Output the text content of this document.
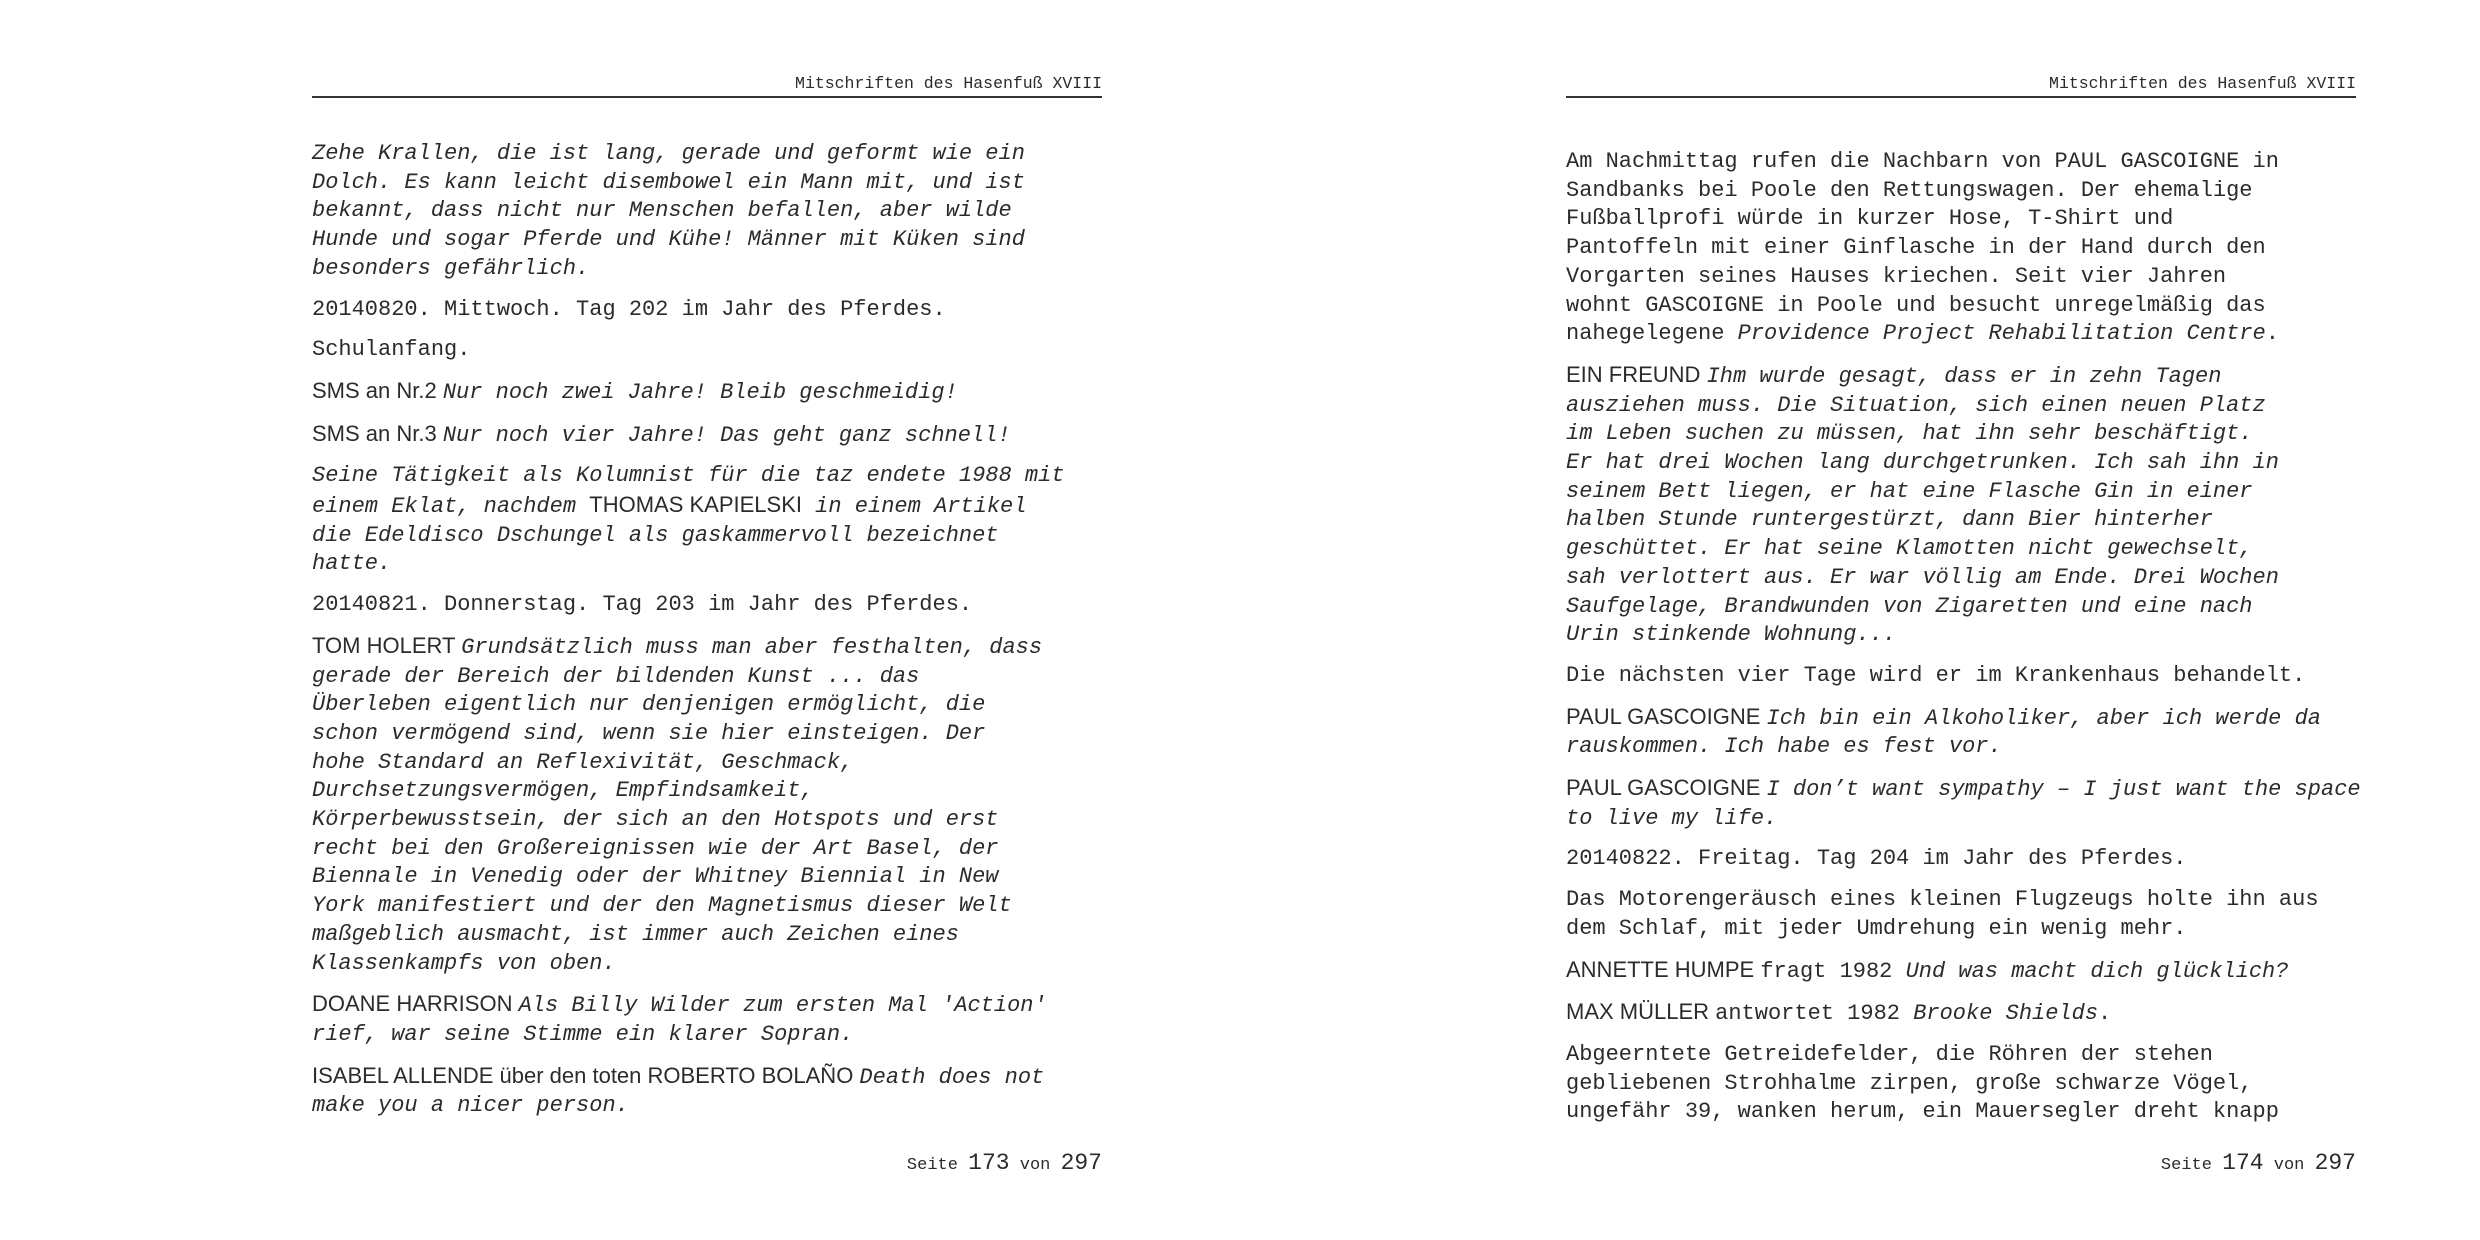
Mitschriften des Hasenfuß XVIII

Zehe Krallen, die ist lang, gerade und geformt wie ein
Dolch. Es kann leicht disembowel ein Mann mit, und ist
bekannt, dass nicht nur Menschen befallen, aber wilde
Hunde und sogar Pferde und Kühe! Männer mit Küken sind
besonders gefährlich.

20140820. Mittwoch. Tag 202 im Jahr des Pferdes.

Schulanfang.

SMS an Nr.2 Nur noch zwei Jahre! Bleib geschmeidig!

SMS an Nr.3 Nur noch vier Jahre! Das geht ganz schnell!

Seine Tätigkeit als Kolumnist für die taz endete 1988 mit
einem Eklat, nachdem THOMAS KAPIELSKI in einem Artikel
die Edeldisco Dschungel als gaskammervoll bezeichnet
hatte.

20140821. Donnerstag. Tag 203 im Jahr des Pferdes.

TOM HOLERT Grundsätzlich muss man aber festhalten, dass
gerade der Bereich der bildenden Kunst ... das
Überleben eigentlich nur denjenigen ermöglicht, die
schon vermögend sind, wenn sie hier einsteigen. Der
hohe Standard an Reflexivität, Geschmack,
Durchsetzungsvermögen, Empfindsamkeit,
Körperbewusstsein, der sich an den Hotspots und erst
recht bei den Großereignissen wie der Art Basel, der
Biennale in Venedig oder der Whitney Biennial in New
York manifestiert und der den Magnetismus dieser Welt
maßgeblich ausmacht, ist immer auch Zeichen eines
Klassenkampfs von oben.

DOANE HARRISON Als Billy Wilder zum ersten Mal 'Action'
rief, war seine Stimme ein klarer Sopran.

ISABEL ALLENDE über den toten ROBERTO BOLAÑO Death does not
make you a nicer person.

Seite 173 von 297
Mitschriften des Hasenfuß XVIII

Am Nachmittag rufen die Nachbarn von PAUL GASCOIGNE in
Sandbanks bei Poole den Rettungswagen. Der ehemalige
Fußballprofi würde in kurzer Hose, T-Shirt und
Pantoffeln mit einer Ginflasche in der Hand durch den
Vorgarten seines Hauses kriechen. Seit vier Jahren
wohnt GASCOIGNE in Poole und besucht unregelmäßig das
nahegelegene Providence Project Rehabilitation Centre.

EIN FREUND Ihm wurde gesagt, dass er in zehn Tagen
ausziehen muss. Die Situation, sich einen neuen Platz
im Leben suchen zu müssen, hat ihn sehr beschäftigt.
Er hat drei Wochen lang durchgetrunken. Ich sah ihn in
seinem Bett liegen, er hat eine Flasche Gin in einer
halben Stunde runtergestürzt, dann Bier hinterher
geschüttet. Er hat seine Klamotten nicht gewechselt,
sah verlottert aus. Er war völlig am Ende. Drei Wochen
Saufgelage, Brandwunden von Zigaretten und eine nach
Urin stinkende Wohnung...

Die nächsten vier Tage wird er im Krankenhaus behandelt.

PAUL GASCOIGNE Ich bin ein Alkoholiker, aber ich werde da
rauskommen. Ich habe es fest vor.

PAUL GASCOIGNE I don’t want sympathy – I just want the space
to live my life.

20140822. Freitag. Tag 204 im Jahr des Pferdes.

Das Motorengeräusch eines kleinen Flugzeugs holte ihn aus
dem Schlaf, mit jeder Umdrehung ein wenig mehr.

ANNETTE HUMPE fragt 1982 Und was macht dich glücklich?

MAX MÜLLER antwortet 1982 Brooke Shields.

Abgeerntete Getreidefelder, die Röhren der stehen
gebliebenen Strohhalme zirpen, große schwarze Vögel,
ungefähr 39, wanken herum, ein Mauersegler dreht knapp

Seite 174 von 297
